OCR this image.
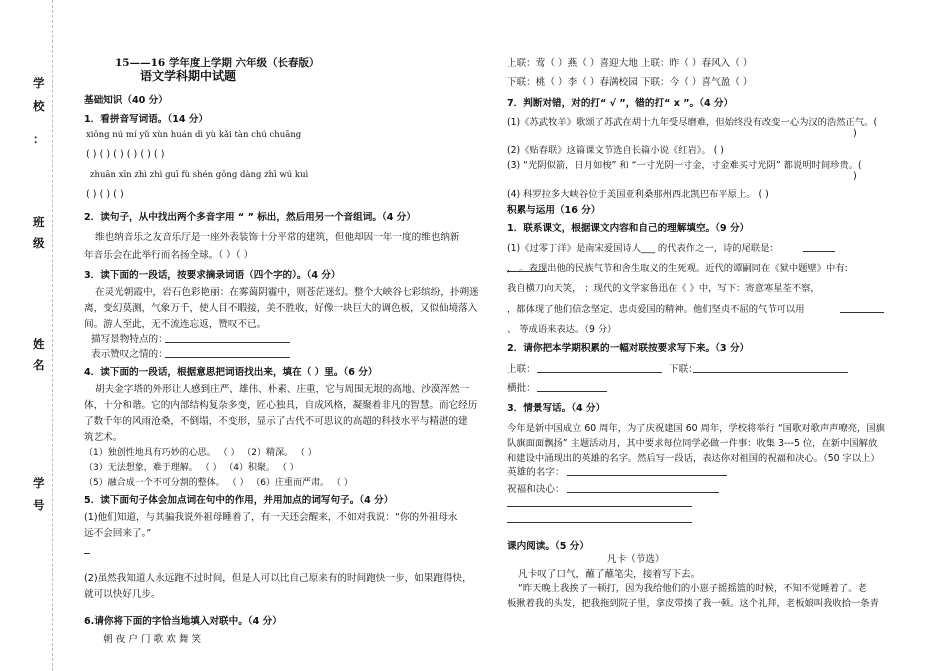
学
校
：
班
级
姓
名
学
号
15——16 学年度上学期 六年级（长春版）
语文学科期中试题
基础知识（40 分）
1．看拼音写词语。（14 分）
xiōng nú mí yǔ xùn huán dì yù kǎi tàn chú chuāng
( ) ( ) ( ) ( ) ( ) ( )
zhuān xīn zhì zhì guī fù shén gōng dàng zhī wú kuì
( ) ( ) ( )
2．读句子，从中找出两个多音字用 “ ” 标出，然后用另一个音组词。（4 分）
维也纳音乐之友音乐厅是一座外表装饰十分平常的建筑，但他却因一年一度的维也纳新
年音乐会在此举行而名扬全球。（ ）（ ）
3．读下面的一段话，按要求摘录词语（四个字的）。（4 分）
在灵光朝霞中，岩石色彩艳丽：在雾蔼阴霾中，则苍茫迷幻。整个大峡谷七彩缤纷，扑朔迷
离，变幻莫测，气象万千，使人目不暇接，美不胜收，好像一块巨大的调色板，又似仙境落入
间。游人至此，无不流连忘返，赞叹不已。
描写景物特点的：
表示赞叹之情的：
4．读下面的一段话，根据意思把词语找出来，填在（ ）里。（6 分）
胡夫金字塔的外形让人感到庄严、雄伟、朴素、庄重，它与周围无垠的高地、沙漠浑然一
体，十分和谐。它的内部结构复杂多变，匠心独具，自成风格，凝聚着非凡的智慧。而它经历
了数千年的风雨沧桑，不倒塌，不变形，显示了古代不可思议的高超的科技水平与精湛的建
筑艺术。
（1）独创性地具有巧妙的心思。 （ ） （2）精深。 （ ）
（3）无法想象，难于理解。 （ ） （4）积聚。 （ ）
（5）融合成一个不可分割的整体。 （ ） （6）庄重而严肃。 （ ）
5．读下面句子体会加点词在句中的作用，并用加点的词写句子。（4 分）
(1)他们知道，与其骗我说外祖母睡着了，有一天还会醒来，不如对我说：“你的外祖母永
远不会回来了。”
(2)虽然我知道人永远跑不过时间，但是人可以比自己原来有的时间跑快一步，如果跑得快，
就可以快好几步。
6.请你将下面的字恰当地填入对联中。（4 分）
朝 夜 户 门 歌 欢 舞 笑
上联：莺（ ）燕（ ）喜迎大地 上联：昨（ ）春风入（ ）
下联：桃（ ）李（ ）春满校园 下联：今（ ）喜气盈（ ）
7．判断对错，对的打“ √ ”，错的打“ x ”。（4 分）
(1)《苏武牧羊》歌颂了苏武在胡十九年受尽磨难，但始终没有改变一心为汉的浩然正气。(
)
(2)《贴春联》这篇课文节选自长篇小说《红岩》。 ( )
(3) “光阴似箭，日月如梭” 和 “一寸光阴一寸金，寸金难买寸光阴” 都说明时间珍贵。(
)
(4) 科罗拉多大峡谷位于美国亚利桑那州西北凯巴布平原上。 ( )
积累与运用（16 分）
1．联系课文，根据课文内容和自己的理解填空。（9 分）
(1)《过零丁洋》是南宋爱国诗人___ 的代表作之一，诗的尾联是：
， 。表现出他的民族气节和舍生取义的生死观。近代的谭嗣同在《狱中题壁》中有:
我自横刀向天笑， ；现代的文学家鲁迅在《 》中，写下：寄意寒星荃不察，
，都体现了他们信念坚定、忠贞爱国的精神。他们坚贞不屈的气节可以用
、 等成语来表达。（9 分）
2．请你把本学期积累的一幅对联按要求写下来。（3 分）
上联：	下联：
横批：
3．情景写话。（4 分）
今年是新中国成立 60 周年，为了庆祝建国 60 周年，学校将举行 “国歌对歌声声嘹亮，国旗
队旗面面飘扬” 主题活动月，其中要求每位同学必做一件事：收集 3---5 位，在新中国解放
和建设中涌现出的英雄的名字。然后写一段话，表达你对祖国的祝福和决心。（50 字以上）
英雄的名字：
祝福和决心：
课内阅读。（5 分）
凡卡（节选）
凡卡叹了口气，蘸了蘸笔尖，接着写下去。
“昨天晚上我挨了一顿打，因为我给他们的小崽子摇摇篮的时候，不知不觉睡着了。老
板揪着我的头发，把我拖到院子里，拿皮带揍了我一顿。这个礼拜，老板娘叫我收拾一条青
